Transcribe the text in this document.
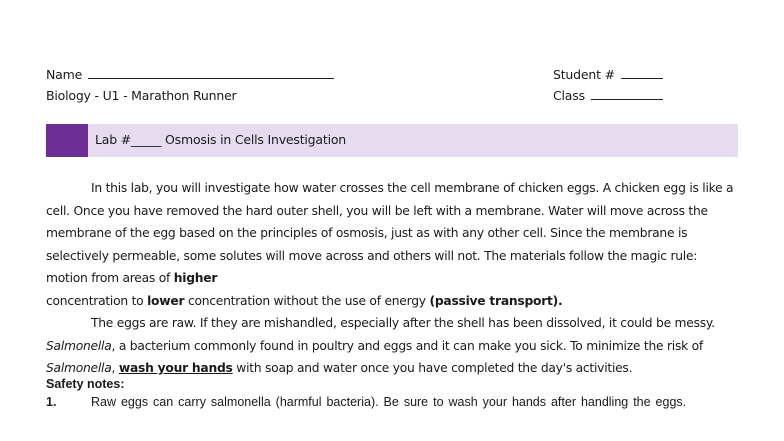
Name
Biology - U1 - Marathon Runner
Student #
Class
Lab #_____ Osmosis in Cells Investigation

In this lab, you will investigate how water crosses the cell membrane of chicken eggs. A chicken egg is like a cell. Once you have removed the hard outer shell, you will be left with a membrane. Water will move across the membrane of the egg based on the principles of osmosis, just as with any other cell. Since the membrane is selectively permeable, some solutes will move across and others will not. The materials follow the magic rule: motion from areas of higher
concentration to lower concentration without the use of energy (passive transport).

The eggs are raw. If they are mishandled, especially after the shell has been dissolved, it could be messy. Salmonella, a bacterium commonly found in poultry and eggs and it can make you sick. To minimize the risk of Salmonella, wash your hands with soap and water once you have completed the day's activities.

Safety notes:

1.	Raw eggs can carry salmonella (harmful bacteria). Be sure to wash your hands after handling the eggs.
